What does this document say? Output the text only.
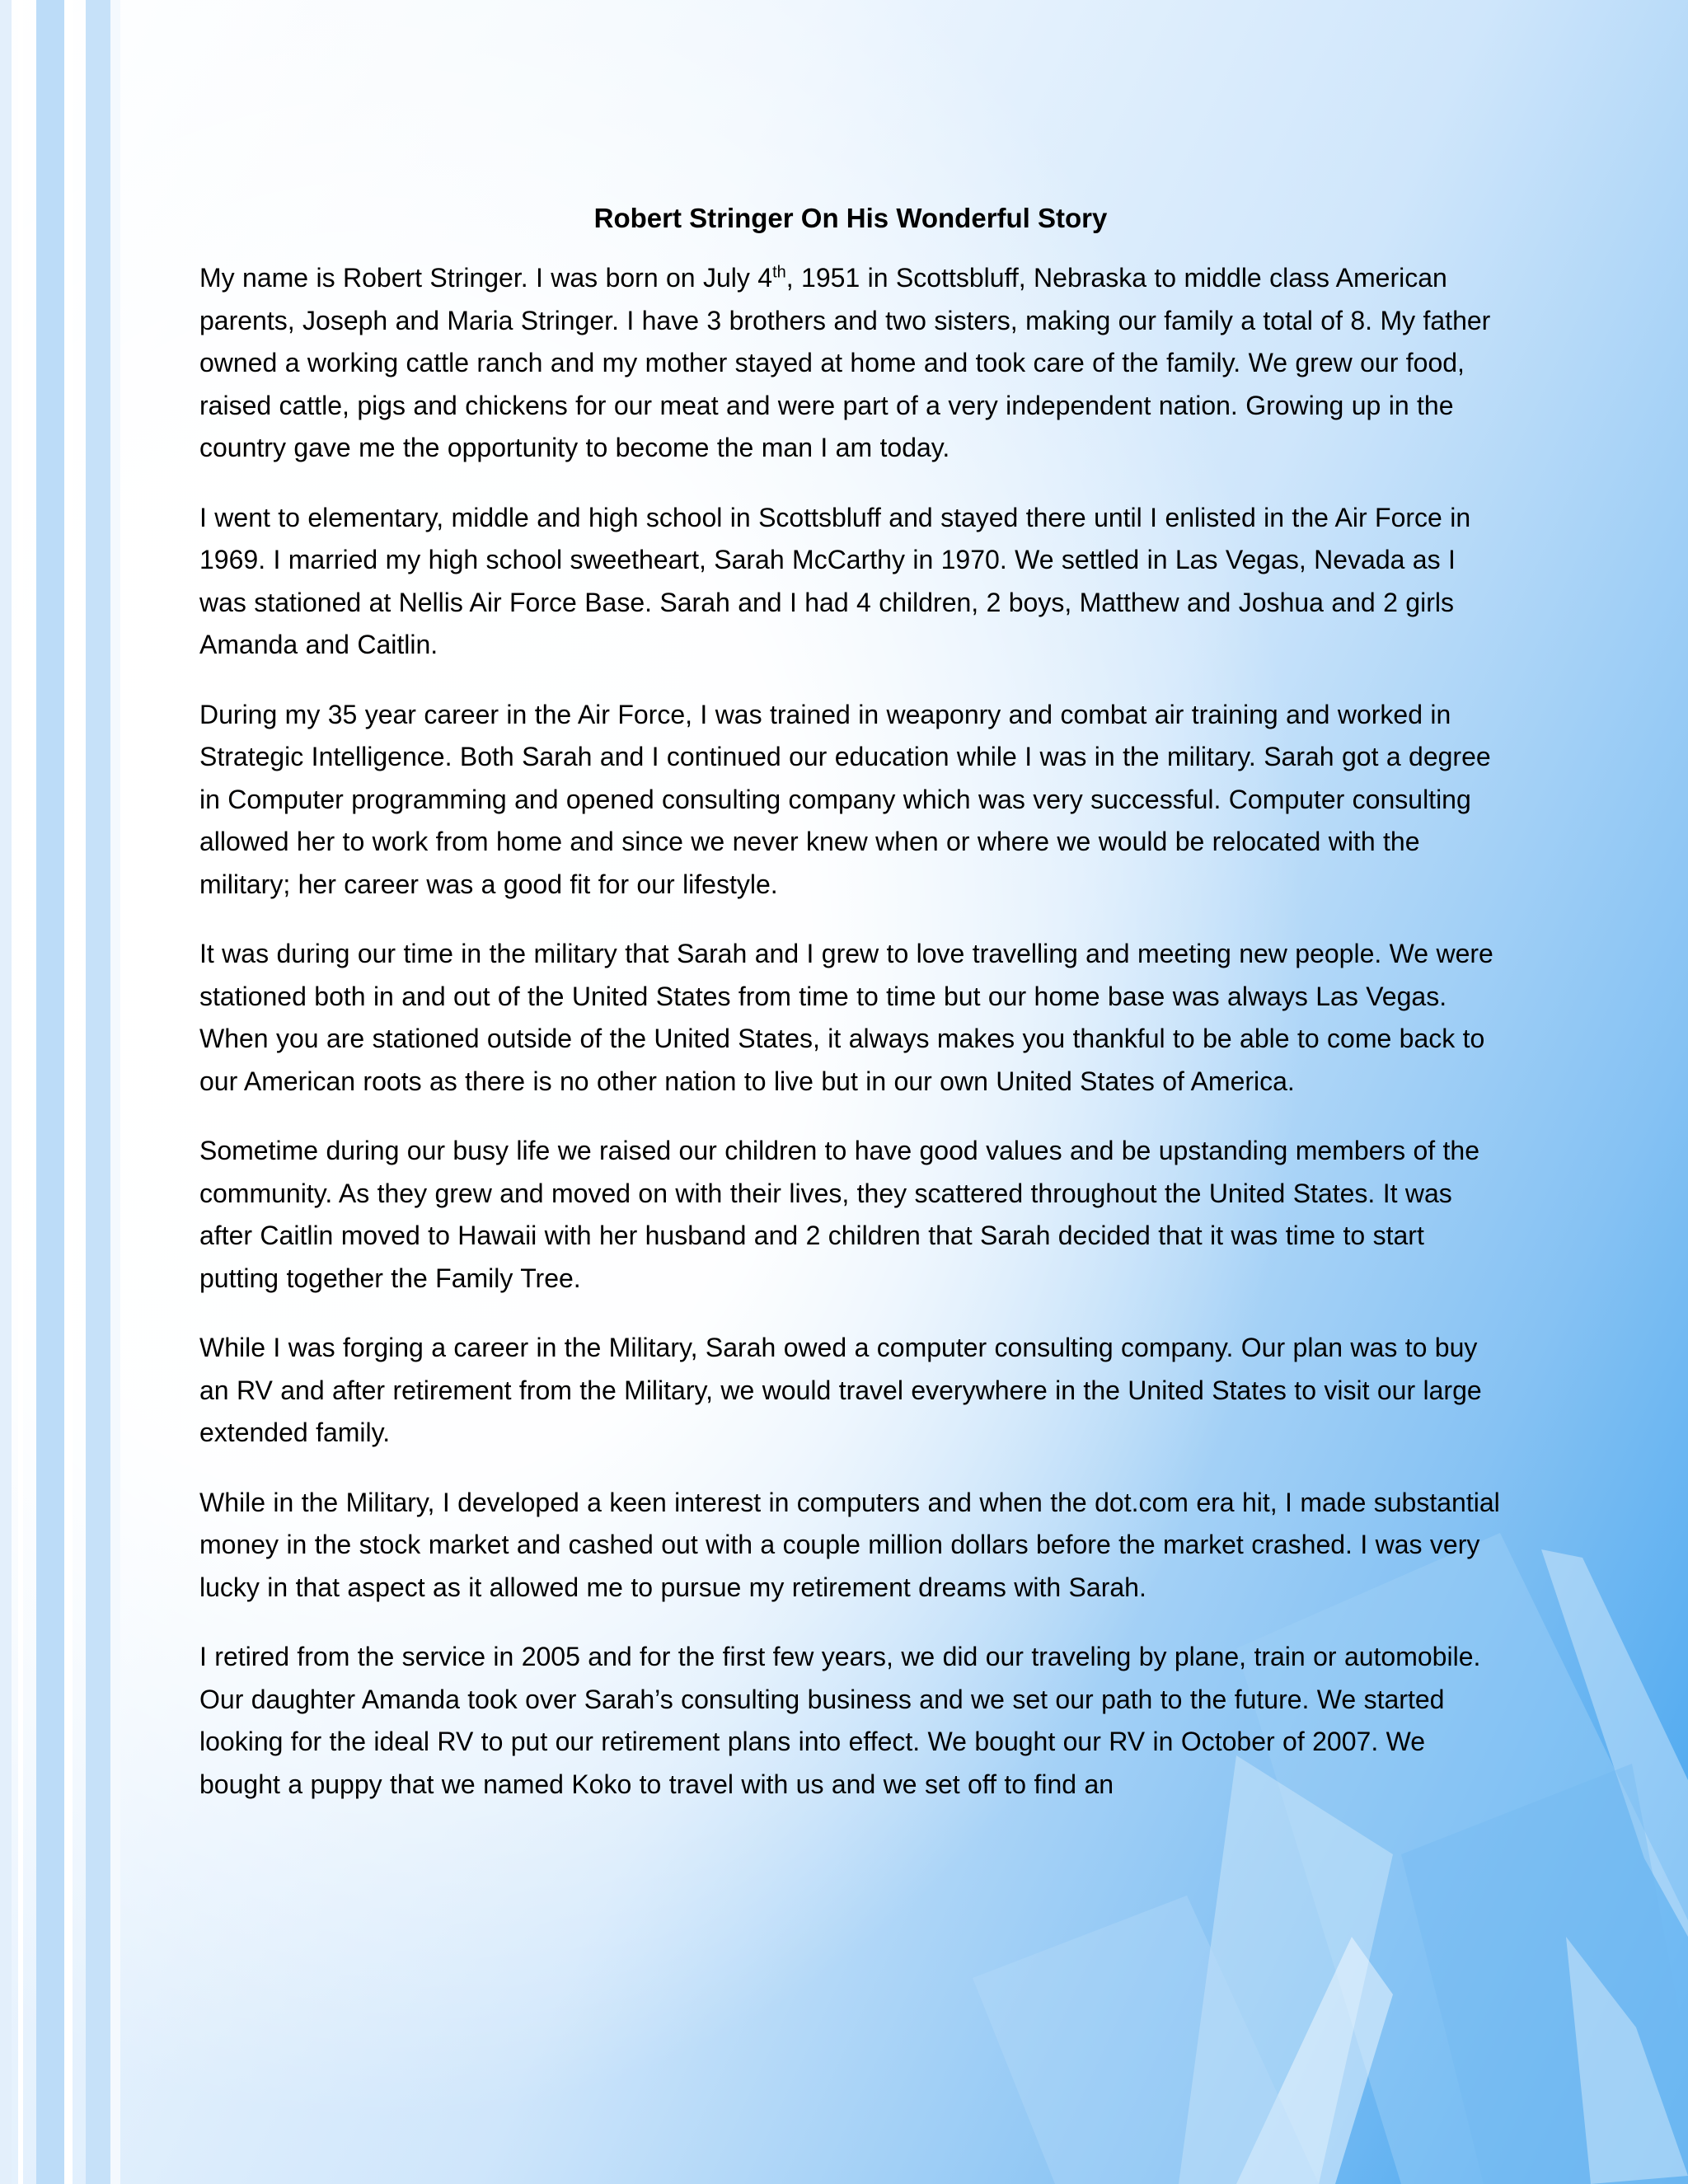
Robert Stringer On His Wonderful Story

My name is Robert Stringer. I was born on July 4th, 1951 in Scottsbluff, Nebraska to middle class American parents, Joseph and Maria Stringer. I have 3 brothers and two sisters, making our family a total of 8. My father owned a working cattle ranch and my mother stayed at home and took care of the family. We grew our food, raised cattle, pigs and chickens for our meat and were part of a very independent nation. Growing up in the country gave me the opportunity to become the man I am today.

I went to elementary, middle and high school in Scottsbluff and stayed there until I enlisted in the Air Force in 1969. I married my high school sweetheart, Sarah McCarthy in 1970. We settled in Las Vegas, Nevada as I was stationed at Nellis Air Force Base. Sarah and I had 4 children, 2 boys, Matthew and Joshua and 2 girls Amanda and Caitlin.

During my 35 year career in the Air Force, I was trained in weaponry and combat air training and worked in Strategic Intelligence. Both Sarah and I continued our education while I was in the military. Sarah got a degree in Computer programming and opened consulting company which was very successful. Computer consulting allowed her to work from home and since we never knew when or where we would be relocated with the military; her career was a good fit for our lifestyle.

It was during our time in the military that Sarah and I grew to love travelling and meeting new people. We were stationed both in and out of the United States from time to time but our home base was always Las Vegas. When you are stationed outside of the United States, it always makes you thankful to be able to come back to our American roots as there is no other nation to live but in our own United States of America.

Sometime during our busy life we raised our children to have good values and be upstanding members of the community. As they grew and moved on with their lives, they scattered throughout the United States. It was after Caitlin moved to Hawaii with her husband and 2 children that Sarah decided that it was time to start putting together the Family Tree.

While I was forging a career in the Military, Sarah owed a computer consulting company. Our plan was to buy an RV and after retirement from the Military, we would travel everywhere in the United States to visit our large extended family.

While in the Military, I developed a keen interest in computers and when the dot.com era hit, I made substantial money in the stock market and cashed out with a couple million dollars before the market crashed. I was very lucky in that aspect as it allowed me to pursue my retirement dreams with Sarah.

I retired from the service in 2005 and for the first few years, we did our traveling by plane, train or automobile. Our daughter Amanda took over Sarah’s consulting business and we set our path to the future. We started looking for the ideal RV to put our retirement plans into effect. We bought our RV in October of 2007. We bought a puppy that we named Koko to travel with us and we set off to find an
